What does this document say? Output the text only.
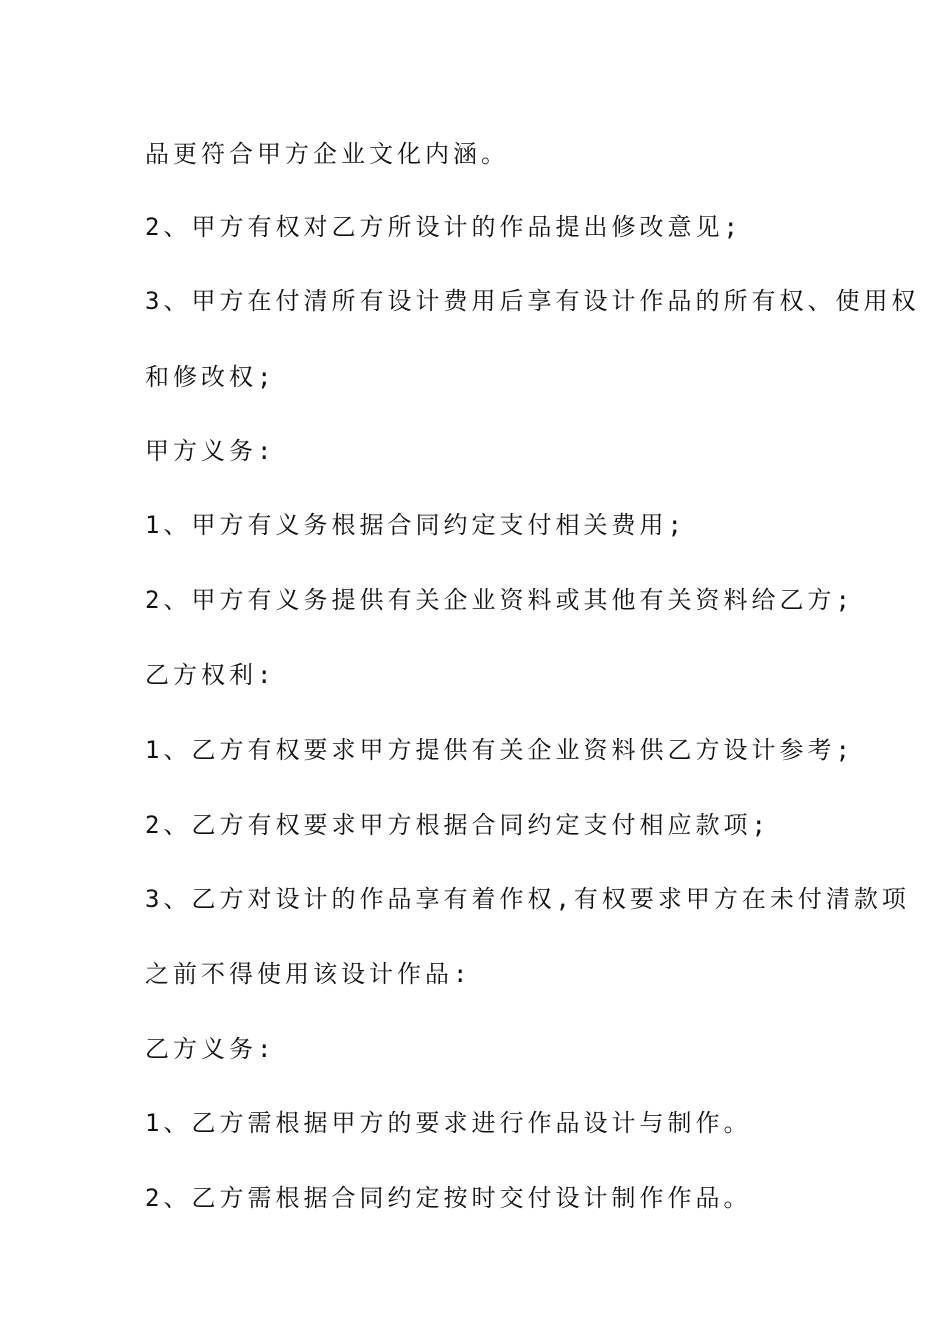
品更符合甲方企业文化内涵。
2、甲方有权对乙方所设计的作品提出修改意见;
3、甲方在付清所有设计费用后享有设计作品的所有权、使用权
和修改权;
甲方义务:
1、甲方有义务根据合同约定支付相关费用;
2、甲方有义务提供有关企业资料或其他有关资料给乙方;
乙方权利:
1、乙方有权要求甲方提供有关企业资料供乙方设计参考;
2、乙方有权要求甲方根据合同约定支付相应款项;
3、乙方对设计的作品享有着作权,有权要求甲方在未付清款项
之前不得使用该设计作品:
乙方义务:
1、乙方需根据甲方的要求进行作品设计与制作。
2、乙方需根据合同约定按时交付设计制作作品。
